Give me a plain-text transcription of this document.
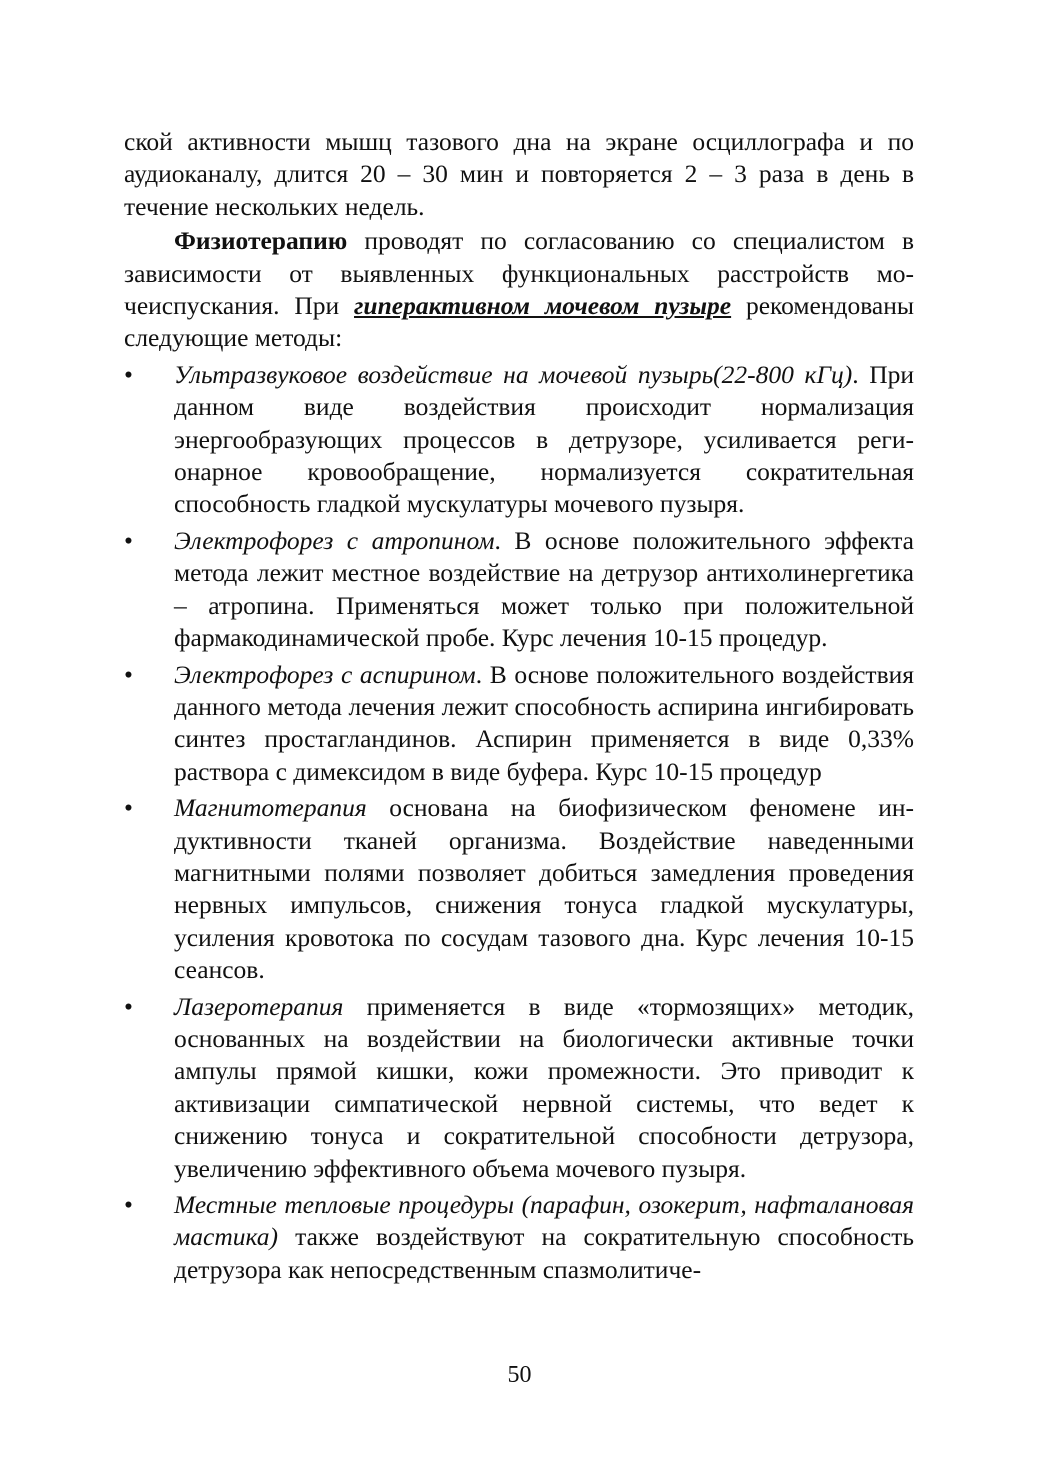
ской активности мышц тазового дна на экране осциллографа и по аудиоканалу, длится 20 – 30 мин и повторяется 2 – 3 раза в день в течение нескольких недель.

Физиотерапию проводят по согласованию со специалистом в зависимости от выявленных функциональных расстройств мочеиспускания. При гиперактивном мочевом пузыре рекомендованы следующие методы:

•	Ультразвуковое воздействие на мочевой пузырь(22-800 кГц). При данном виде воздействия происходит нормализация энергообразующих процессов в детрузоре, усиливается регионарное кровообращение, нормализуется сократительная способность гладкой мускулатуры мочевого пузыря.
•	Электрофорез с атропином. В основе положительного эффекта метода лежит местное воздействие на детрузор антихолинергетика – атропина. Применяться может только при положительной фармакодинамической пробе. Курс лечения 10-15 процедур.
•	Электрофорез с аспирином. В основе положительного воздействия данного метода лечения лежит способность аспирина ингибировать синтез простагландинов. Аспирин применяется в виде 0,33% раствора с димексидом в виде буфера. Курс 10-15 процедур
•	Магнитотерапия основана на биофизическом феномене индуктивности тканей организма. Воздействие наведенными магнитными полями позволяет добиться замедления проведения нервных импульсов, снижения тонуса гладкой мускулатуры, усиления кровотока по сосудам тазового дна. Курс лечения 10-15 сеансов.
•	Лазеротерапия применяется в виде «тормозящих» методик, основанных на воздействии на биологически активные точки ампулы прямой кишки, кожи промежности. Это приводит к активизации симпатической нервной системы, что ведет к снижению тонуса и сократительной способности детрузора, увеличению эффективного объема мочевого пузыря.
•	Местные тепловые процедуры (парафин, озокерит, нафталановая мастика) также воздействуют на сократительную способность детрузора как непосредственным спазмолитиче-
50
